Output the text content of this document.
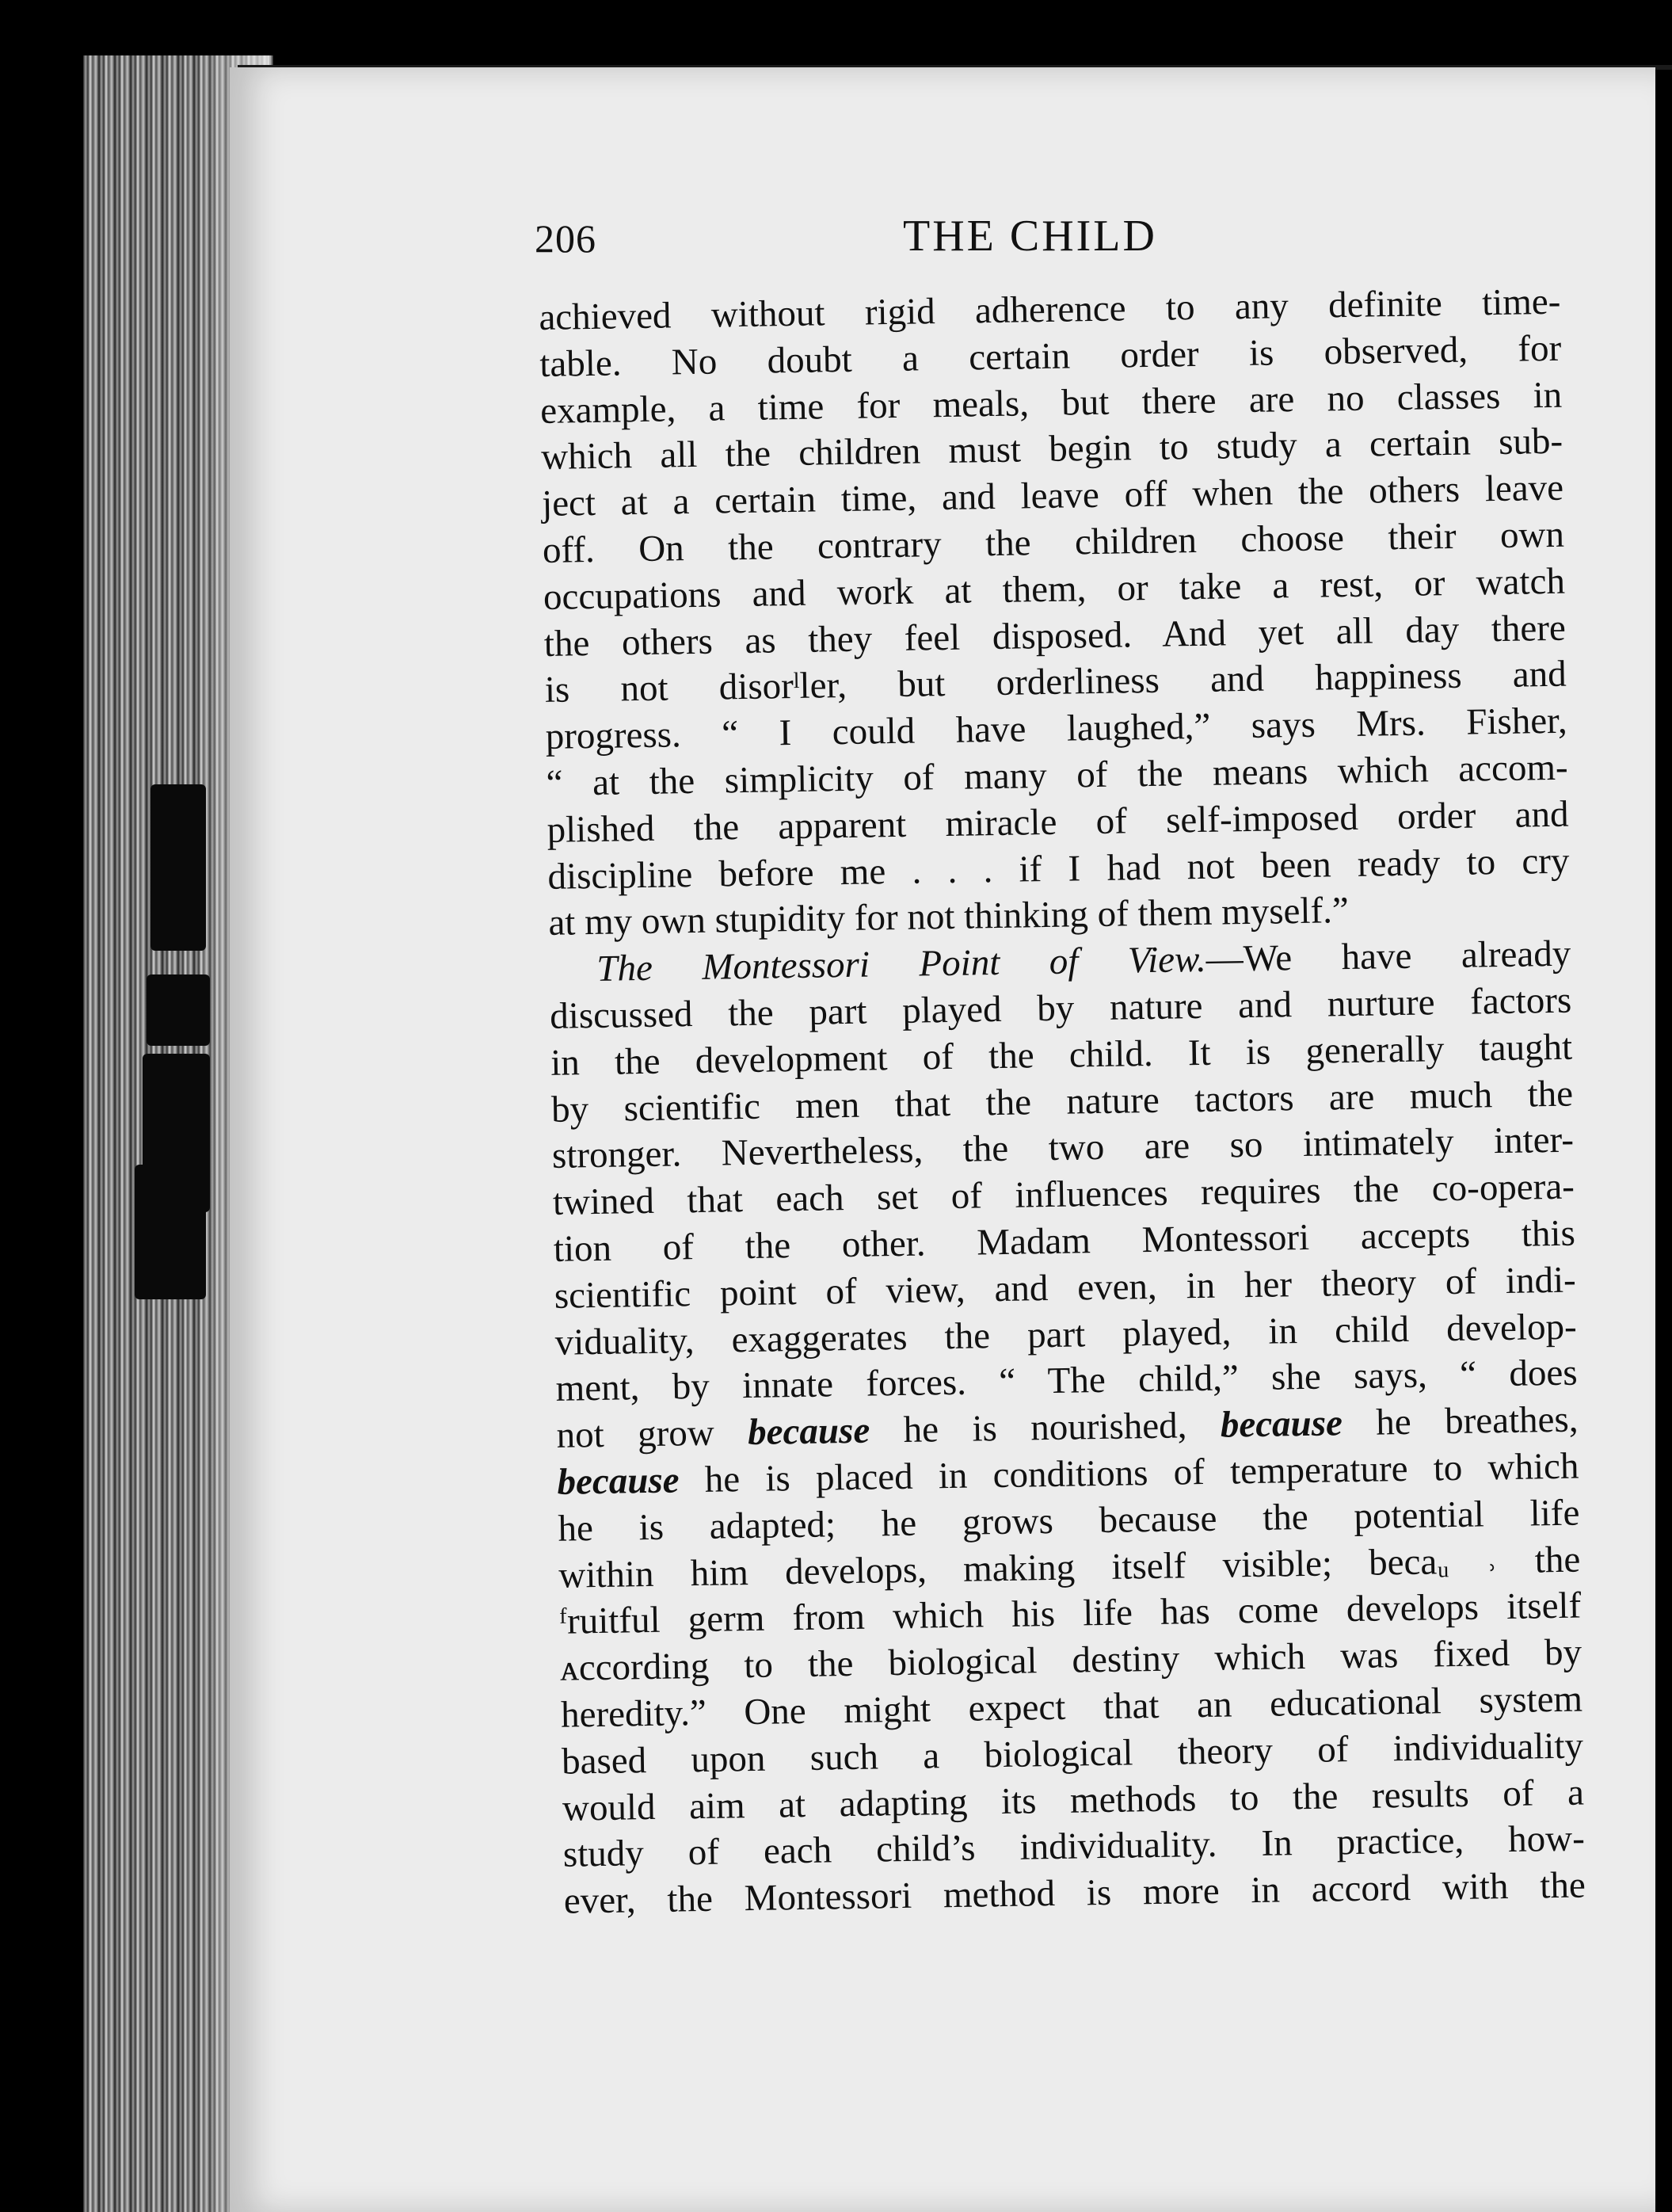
206	THE CHILD
achieved without rigid adherence to any definite time-
table. No doubt a certain order is observed, for
example, a time for meals, but there are no classes in
which all the children must begin to study a certain sub-
ject at a certain time, and leave off when the others leave
off. On the contrary the children choose their own
occupations and work at them, or take a rest, or watch
the others as they feel disposed. And yet all day there
is not disorˡler, but orderliness and happiness and
progress. “ I could have laughed,” says Mrs. Fisher,
“ at the simplicity of many of the means which accom-
plished the apparent miracle of self-imposed order and
discipline before me . . . if I had not been ready to cry
at my own stupidity for not thinking of them myself.”
The Montessori Point of View.—We have already
discussed the part played by nature and nurture factors
in the development of the child. It is generally taught
by scientific men that the nature tactors are much the
stronger. Nevertheless, the two are so intimately inter-
twined that each set of influences requires the co-opera-
tion of the other. Madam Montessori accepts this
scientific point of view, and even, in her theory of indi-
viduality, exaggerates the part played, in child develop-
ment, by innate forces. “ The child,” she says, “ does
not grow because he is nourished, because he breathes,
because he is placed in conditions of temperature to which
he is adapted; he grows because the potential life
within him develops, making itself visible; becaᵤ ˒ the
ᶠruitful germ from which his life has come develops itself
ᴀccording to the biological destiny which was fixed by
heredity.” One might expect that an educational system
based upon such a biological theory of individuality
would aim at adapting its methods to the results of a
study of each child’s individuality. In practice, how-
ever, the Montessori method is more in accord with the
